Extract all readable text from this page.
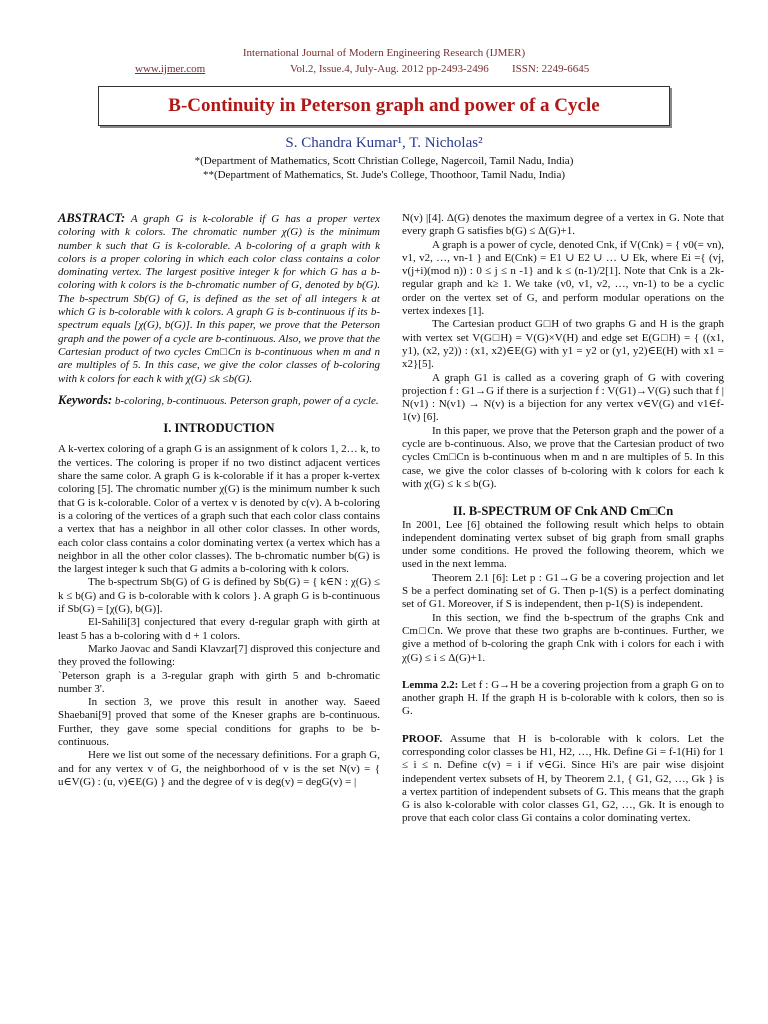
International Journal of Modern Engineering Research (IJMER)
www.ijmer.com	Vol.2, Issue.4, July-Aug. 2012 pp-2493-2496 ISSN: 2249-6645
B-Continuity in Peterson graph and power of a Cycle
S. Chandra Kumar¹, T. Nicholas²
*(Department of Mathematics, Scott Christian College, Nagercoil, Tamil Nadu, India)
**(Department of Mathematics, St. Jude's College, Thoothoor, Tamil Nadu, India)

ABSTRACT: A graph G is k-colorable if G has a proper vertex coloring with k colors. The chromatic number χ(G) is the minimum number k such that G is k-colorable. A b-coloring of a graph with k colors is a proper coloring in which each color class contains a color dominating vertex. The largest positive integer k for which G has a b-coloring with k colors is the b-chromatic number of G, denoted by b(G). The b-spectrum Sb(G) of G, is defined as the set of all integers k at which G is b-colorable with k colors. A graph G is b-continuous if its b-spectrum equals [χ(G), b(G)]. In this paper, we prove that the Peterson graph and the power of a cycle are b-continuous. Also, we prove that the Cartesian product of two cycles Cm□Cn is b-continuous when m and n are multiples of 5. In this case, we give the color classes of b-coloring with k colors for each k with χ(G) ≤k ≤b(G).

Keywords: b-coloring, b-continuous. Peterson graph, power of a cycle.

I. INTRODUCTION

A k-vertex coloring of a graph G is an assignment of k colors 1, 2… k, to the vertices. The coloring is proper if no two distinct adjacent vertices share the same color. A graph G is k-colorable if it has a proper k-vertex coloring [5]. The chromatic number χ(G) is the minimum number k such that G is k-colorable. Color of a vertex v is denoted by c(v). A b-coloring is a coloring of the vertices of a graph such that each color class contains a vertex that has a neighbor in all other color classes. In other words, each color class contains a color dominating vertex (a vertex which has a neighbor in all the other color classes). The b-chromatic number b(G) is the largest integer k such that G admits a b-coloring with k colors.

The b-spectrum Sb(G) of G is defined by Sb(G) = { k∈N : χ(G) ≤ k ≤ b(G) and G is b-colorable with k colors }. A graph G is b-continuous if Sb(G) = [χ(G), b(G)].

El-Sahili[3] conjectured that every d-regular graph with girth at least 5 has a b-coloring with d + 1 colors.

Marko Jaovac and Sandi Klavzar[7] disproved this conjecture and they proved the following:

`Peterson graph is a 3-regular graph with girth 5 and b-chromatic number 3'.

In section 3, we prove this result in another way. Saeed Shaebani[9] proved that some of the Kneser graphs are b-continuous. Further, they gave some special conditions for graphs to be b-continuous.

Here we list out some of the necessary definitions. For a graph G, and for any vertex v of G, the neighborhood of v is the set N(v) = { u∈V(G) : (u, v)∈E(G) } and the degree of v is deg(v) = degG(v) = |

N(v) |[4]. Δ(G) denotes the maximum degree of a vertex in G. Note that every graph G satisfies b(G) ≤ Δ(G)+1.

A graph is a power of cycle, denoted Cnk, if V(Cnk) = { v0(= vn), v1, v2, …, vn-1 } and E(Cnk) = E1 ∪ E2 ∪ … ∪ Ek, where Ei ={ (vj, v(j+i)(mod n)) : 0 ≤ j ≤ n -1} and k ≤ (n-1)/2[1]. Note that Cnk is a 2k-regular graph and k≥ 1. We take (v0, v1, v2, …, vn-1) to be a cyclic order on the vertex set of G, and perform modular operations on the vertex indexes [1].

The Cartesian product G□H of two graphs G and H is the graph with vertex set V(G□H) = V(G)×V(H) and edge set E(G□H) = { ((x1, y1), (x2, y2)) : (x1, x2)∈E(G) with y1 = y2 or (y1, y2)∈E(H) with x1 = x2}[5].

A graph G1 is called as a covering graph of G with covering projection f : G1→G if there is a surjection f : V(G1)→V(G) such that f | N(v1) : N(v1) → N(v) is a bijection for any vertex v∈V(G) and v1∈f-1(v) [6].

In this paper, we prove that the Peterson graph and the power of a cycle are b-continuous. Also, we prove that the Cartesian product of two cycles Cm□Cn is b-continuous when m and n are multiples of 5. In this case, we give the color classes of b-coloring with k colors for each k with χ(G) ≤ k ≤ b(G).

II. B-SPECTRUM OF Cnk AND Cm□Cn

In 2001, Lee [6] obtained the following result which helps to obtain independent dominating vertex subset of big graph from small graphs under some conditions. He proved the following theorem, which we used in the next lemma.

Theorem 2.1 [6]: Let p : G1→G be a covering projection and let S be a perfect dominating set of G. Then p-1(S) is a perfect dominating set of G1. Moreover, if S is independent, then p-1(S) is independent.

In this section, we find the b-spectrum of the graphs Cnk and Cm□Cn. We prove that these two graphs are b-continues. Further, we give a method of b-coloring the graph Cnk with i colors for each i with χ(G) ≤ i ≤ Δ(G)+1.

Lemma 2.2: Let f : G→H be a covering projection from a graph G on to another graph H. If the graph H is b-colorable with k colors, then so is G.

PROOF. Assume that H is b-colorable with k colors. Let the corresponding color classes be H1, H2, …, Hk. Define Gi = f-1(Hi) for 1 ≤ i ≤ n. Define c(v) = i if v∈Gi. Since Hi's are pair wise disjoint independent vertex subsets of H, by Theorem 2.1, { G1, G2, …, Gk } is a vertex partition of independent subsets of G. This means that the graph G is also k-colorable with color classes G1, G2, …, Gk. It is enough to prove that each color class Gi contains a color dominating vertex.
